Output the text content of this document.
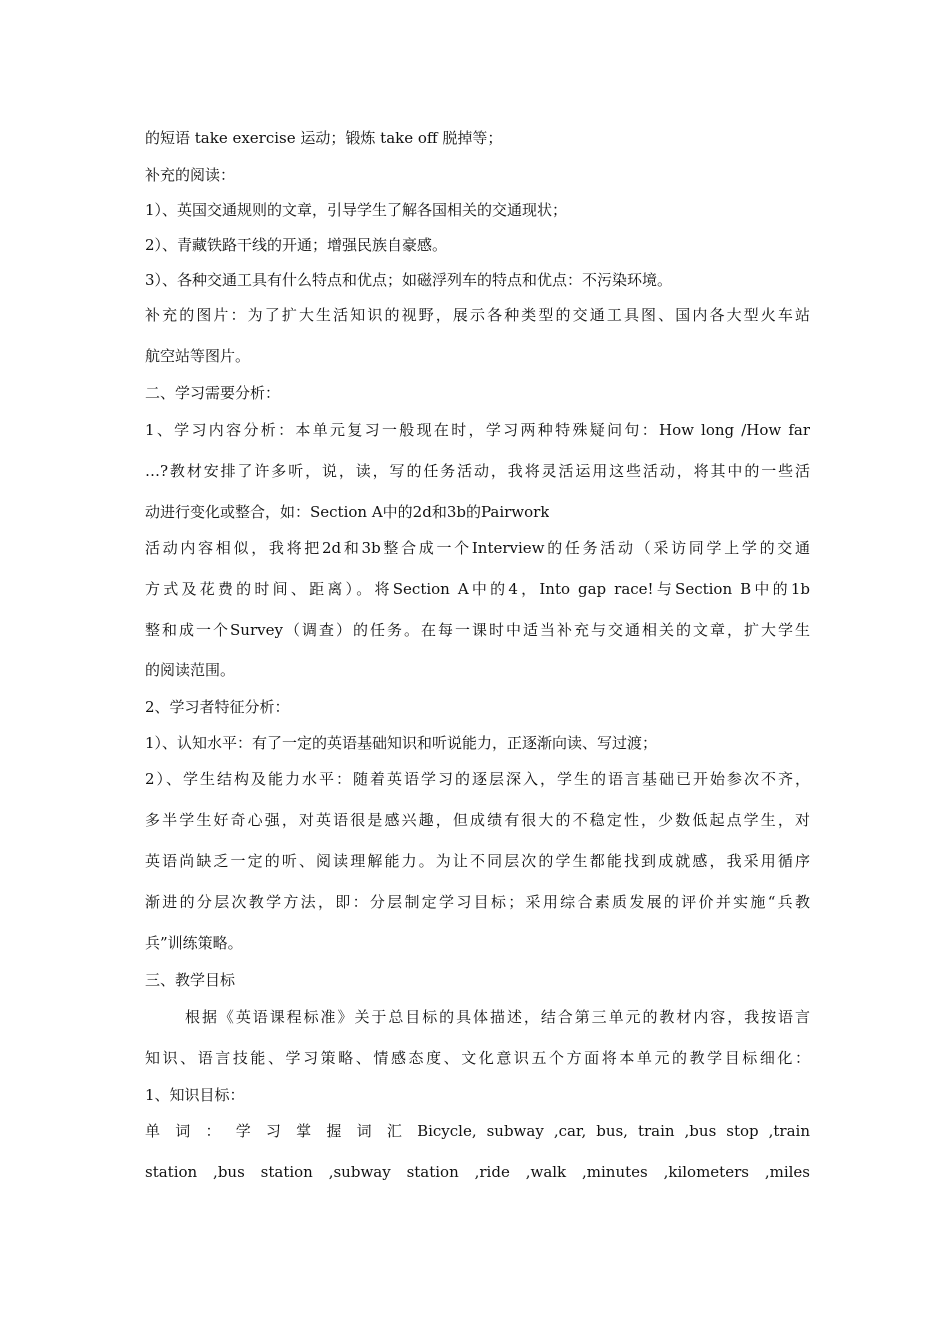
的短语 take exercise 运动；锻炼 take off 脱掉等；

补充的阅读：

1）、英国交通规则的文章，引导学生了解各国相关的交通现状；

2）、青藏铁路干线的开通；增强民族自豪感。

3）、各种交通工具有什么特点和优点；如磁浮列车的特点和优点：不污染环境。

补充的图片：为了扩大生活知识的视野，展示各种类型的交通工具图、国内各大型火车站

航空站等图片。

二、学习需要分析：

1、学习内容分析：本单元复习一般现在时，学习两种特殊疑问句：How long /How far

…?教材安排了许多听，说，读，写的任务活动，我将灵活运用这些活动，将其中的一些活

动进行变化或整合，如：Section A中的2d和3b的Pairwork

活动内容相似，我将把2d和3b整合成一个Interview的任务活动（采访同学上学的交通

方式及花费的时间、距离）。将Section A中的4，Into gap race!与Section B中的1b

整和成一个Survey（调查）的任务。在每一课时中适当补充与交通相关的文章，扩大学生

的阅读范围。

2、学习者特征分析：

1）、认知水平：有了一定的英语基础知识和听说能力，正逐渐向读、写过渡；

2）、学生结构及能力水平：随着英语学习的逐层深入，学生的语言基础已开始参次不齐，

多半学生好奇心强，对英语很是感兴趣，但成绩有很大的不稳定性，少数低起点学生，对

英语尚缺乏一定的听、阅读理解能力。为让不同层次的学生都能找到成就感，我采用循序

渐进的分层次教学方法，即：分层制定学习目标；采用综合素质发展的评价并实施“兵教

兵”训练策略。

三、教学目标

根据《英语课程标准》关于总目标的具体描述，结合第三单元的教材内容，我按语言

知识、语言技能、学习策略、情感态度、文化意识五个方面将本单元的教学目标细化：

1、知识目标：

单 词 ： 学 习 掌 握 词 汇 Bicycle, subway ,car, bus, train ,bus stop ,train

station ,bus station ,subway station ,ride ,walk ,minutes ,kilometers ,miles
